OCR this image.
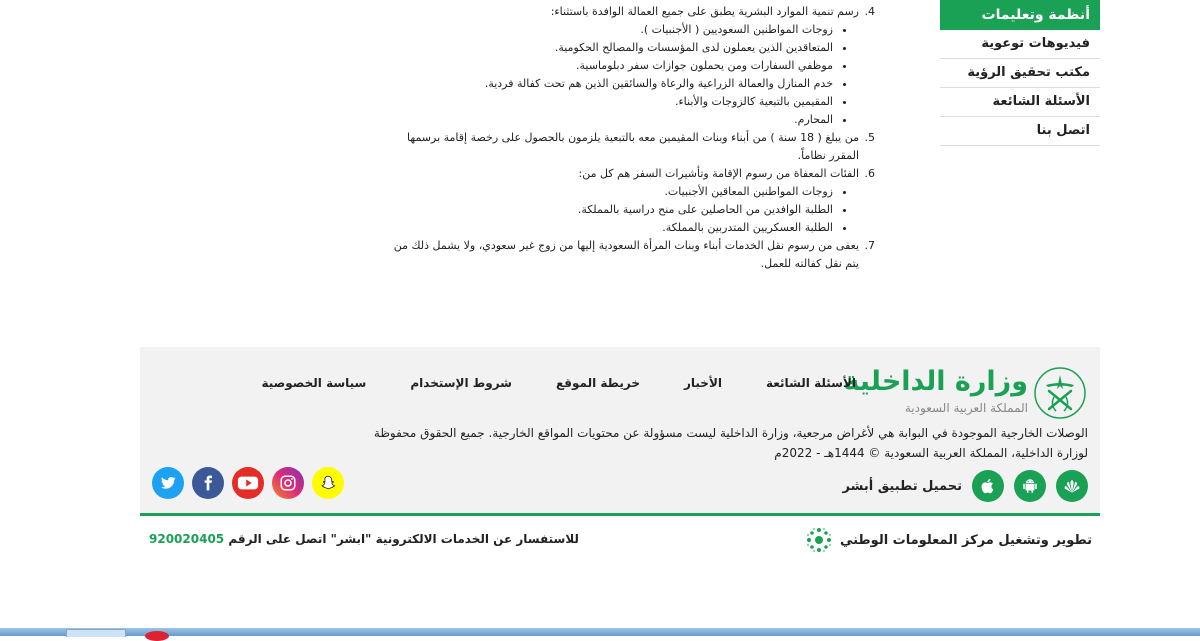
أنظمة وتعليمات
فيديوهات توعوية
مكتب تحقيق الرؤية
الأسئلة الشائعة
اتصل بنا
4. رسم تنمية الموارد البشرية يطبق على جميع العمالة الوافدة باستثناء:
• زوجات المواطنين السعوديين ( الأجنبيات ).
• المتعاقدين الذين يعملون لدى المؤسسات والمصالح الحكومية.
• موظفي السفارات ومن يحملون جوازات سفر دبلوماسية.
• خدم المنازل والعمالة الزراعية والرعاة والسائقين الذين هم تحت كفالة فردية.
• المقيمين بالتبعية كالزوجات والأبناء.
• المحارم.
5. من يبلغ ( 18 سنة ) من أبناء وبنات المقيمين معه بالتبعية يلزمون بالحصول على رخصة إقامة برسمها المقرر نظاماً.
6. الفئات المعفاة من رسوم الإقامة وتأشيرات السفر هم كل من:
• زوجات المواطنين المعاقين الأجنبيات.
• الطلبة الوافدين من الحاصلين على منح دراسية بالمملكة.
• الطلبة العسكريين المتدربين بالمملكة.
7. يعفى من رسوم نقل الخدمات أبناء وبنات المرأة السعودية إليها من زوج غير سعودي، ولا يشمل ذلك من يتم نقل كفالته للعمل.
وزارة الداخلية
المملكة العربية السعودية
سياسة الخصوصية	شروط الإستخدام	خريطة الموقع	الأخبار	الأسئلة الشائعة
الوصلات الخارجية الموجودة في البوابة هي لأغراض مرجعية، وزارة الداخلية ليست مسؤولة عن محتويات المواقع الخارجية. جميع الحقوق محفوظة لوزارة الداخلية، المملكة العربية السعودية © 1444هـ - 2022م
تحميل تطبيق أبشر
تطوير وتشغيل مركز المعلومات الوطني
للاستفسار عن الخدمات الالكترونية "ابشر" اتصل على الرقم 920020405
